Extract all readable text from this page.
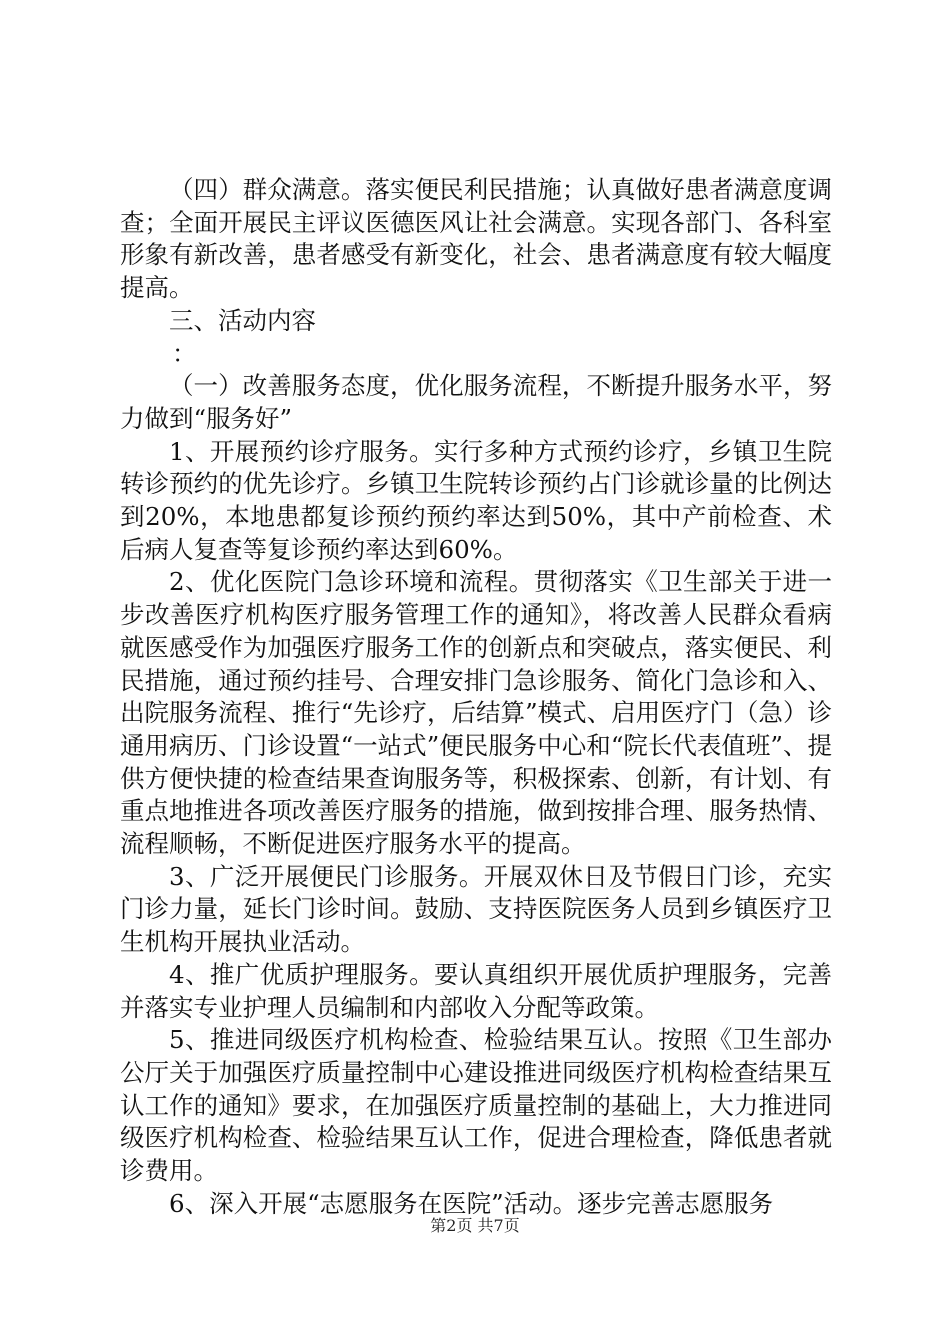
（四）群众满意。落实便民利民措施；认真做好患者满意度调查；全面开展民主评议医德医风让社会满意。实现各部门、各科室形象有新改善，患者感受有新变化，社会、患者满意度有较大幅度提高。

三、活动内容

：

（一）改善服务态度，优化服务流程，不断提升服务水平，努力做到“服务好”

1、开展预约诊疗服务。实行多种方式预约诊疗，乡镇卫生院转诊预约的优先诊疗。乡镇卫生院转诊预约占门诊就诊量的比例达到20%，本地患都复诊预约预约率达到50%，其中产前检查、术后病人复查等复诊预约率达到60%。

2、优化医院门急诊环境和流程。贯彻落实《卫生部关于进一步改善医疗机构医疗服务管理工作的通知》，将改善人民群众看病就医感受作为加强医疗服务工作的创新点和突破点，落实便民、利民措施，通过预约挂号、合理安排门急诊服务、简化门急诊和入、出院服务流程、推行“先诊疗，后结算”模式、启用医疗门（急）诊通用病历、门诊设置“一站式”便民服务中心和“院长代表值班”、提供方便快捷的检查结果查询服务等，积极探索、创新，有计划、有重点地推进各项改善医疗服务的措施，做到按排合理、服务热情、流程顺畅，不断促进医疗服务水平的提高。

3、广泛开展便民门诊服务。开展双休日及节假日门诊，充实门诊力量，延长门诊时间。鼓励、支持医院医务人员到乡镇医疗卫生机构开展执业活动。

4、推广优质护理服务。要认真组织开展优质护理服务，完善并落实专业护理人员编制和内部收入分配等政策。

5、推进同级医疗机构检查、检验结果互认。按照《卫生部办公厅关于加强医疗质量控制中心建设推进同级医疗机构检查结果互认工作的通知》要求，在加强医疗质量控制的基础上，大力推进同级医疗机构检查、检验结果互认工作，促进合理检查，降低患者就诊费用。

6、深入开展“志愿服务在医院”活动。逐步完善志愿服务

第2页 共7页
